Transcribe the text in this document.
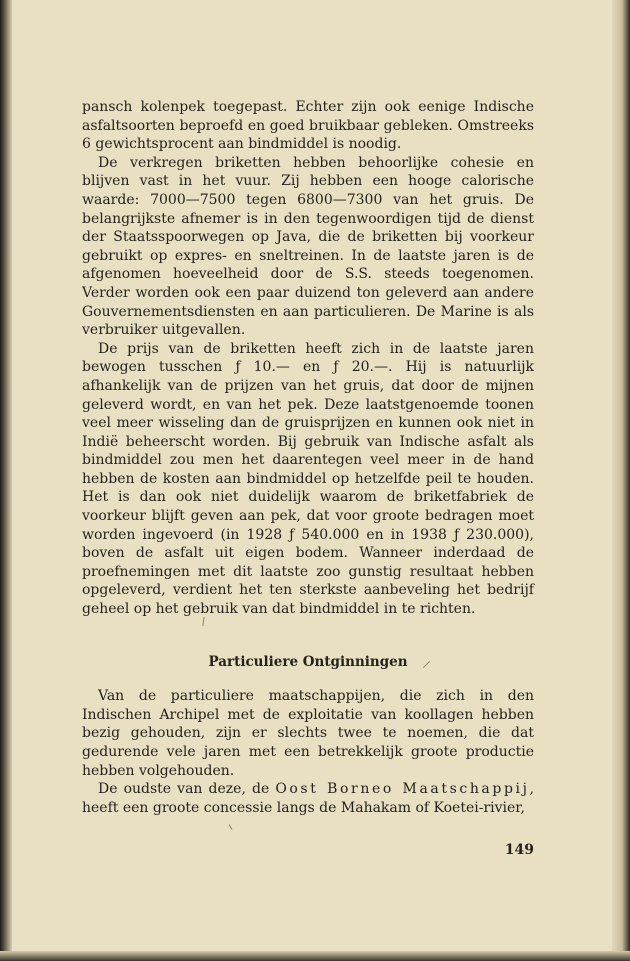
pansch kolenpek toegepast. Echter zijn ook eenige Indische asfaltsoorten beproefd en goed bruikbaar gebleken. Omstreeks 6 gewichtsprocent aan bindmiddel is noodig.

De verkregen briketten hebben behoorlijke cohesie en blijven vast in het vuur. Zij hebben een hooge calorische waarde: 7000—7500 tegen 6800—7300 van het gruis. De belangrijkste afnemer is in den tegenwoordigen tijd de dienst der Staatsspoorwegen op Java, die de briketten bij voorkeur gebruikt op expres- en sneltreinen. In de laatste jaren is de afgenomen hoeveelheid door de S.S. steeds toegenomen. Verder worden ook een paar duizend ton geleverd aan andere Gouvernementsdiensten en aan particulieren. De Marine is als verbruiker uitgevallen.

De prijs van de briketten heeft zich in de laatste jaren bewogen tusschen ƒ 10.— en ƒ 20.—. Hij is natuurlijk afhankelijk van de prijzen van het gruis, dat door de mijnen geleverd wordt, en van het pek. Deze laatstgenoemde toonen veel meer wisseling dan de gruisprijzen en kunnen ook niet in Indië beheerscht worden. Bij gebruik van Indische asfalt als bindmiddel zou men het daarentegen veel meer in de hand hebben de kosten aan bindmiddel op hetzelfde peil te houden. Het is dan ook niet duidelijk waarom de briketfabriek de voorkeur blijft geven aan pek, dat voor groote bedragen moet worden ingevoerd (in 1928 ƒ 540.000 en in 1938 ƒ 230.000), boven de asfalt uit eigen bodem. Wanneer inderdaad de proefnemingen met dit laatste zoo gunstig resultaat hebben opgeleverd, verdient het ten sterkste aanbeveling het bedrijf geheel op het gebruik van dat bindmiddel in te richten.

Particuliere Ontginningen

Van de particuliere maatschappijen, die zich in den Indischen Archipel met de exploitatie van koollagen hebben bezig gehouden, zijn er slechts twee te noemen, die dat gedurende vele jaren met een betrekkelijk groote productie hebben volgehouden.

De oudste van deze, de Oost Borneo Maatschappij, heeft een groote concessie langs de Mahakam of Koetei-rivier,

149
